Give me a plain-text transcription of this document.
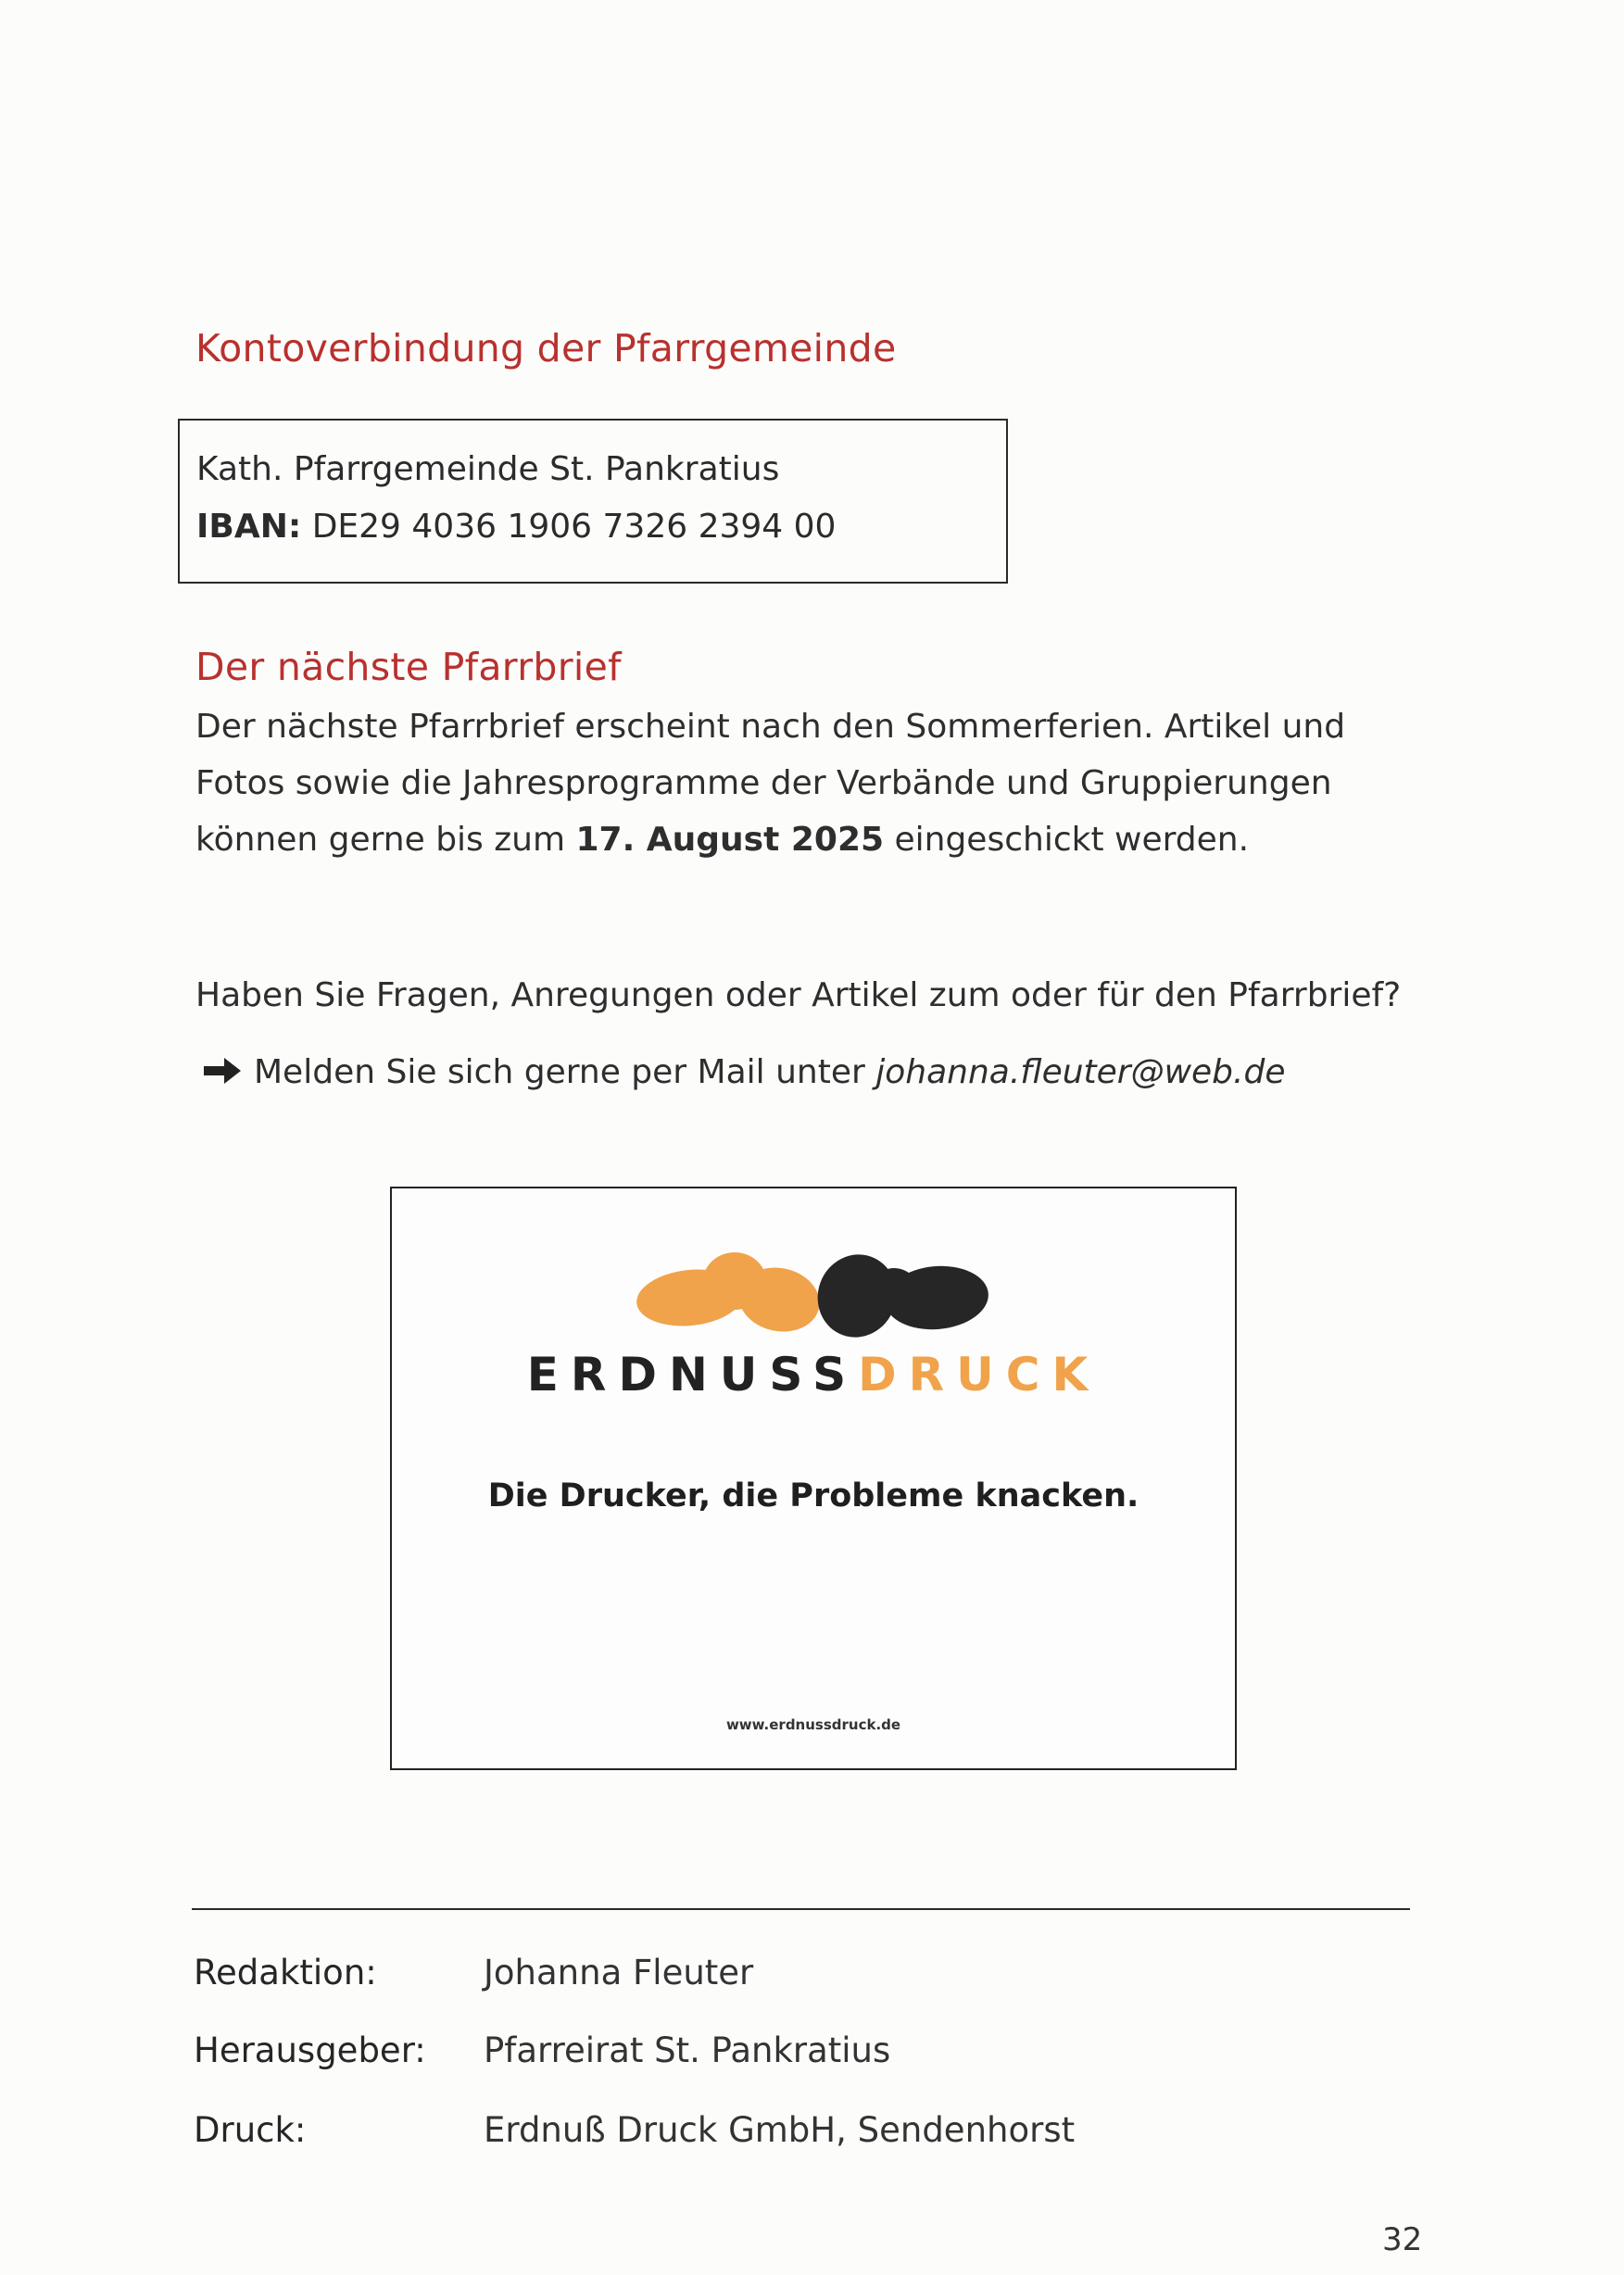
Kontoverbindung der Pfarrgemeinde
Kath. Pfarrgemeinde St. Pankratius
IBAN: DE29 4036 1906 7326 2394 00
Der nächste Pfarrbrief
Der nächste Pfarrbrief erscheint nach den Sommerferien. Artikel und
Fotos sowie die Jahresprogramme der Verbände und Gruppierungen
können gerne bis zum 17. August 2025 eingeschickt werden.
Haben Sie Fragen, Anregungen oder Artikel zum oder für den Pfarrbrief?
Melden Sie sich gerne per Mail unter johanna.fleuter@web.de
ERDNUSSDRUCK
Die Drucker, die Probleme knacken.
www.erdnussdruck.de
Redaktion:	Johanna Fleuter
Herausgeber: Pfarreirat St. Pankratius
Druck:	Erdnuß Druck GmbH, Sendenhorst
32
